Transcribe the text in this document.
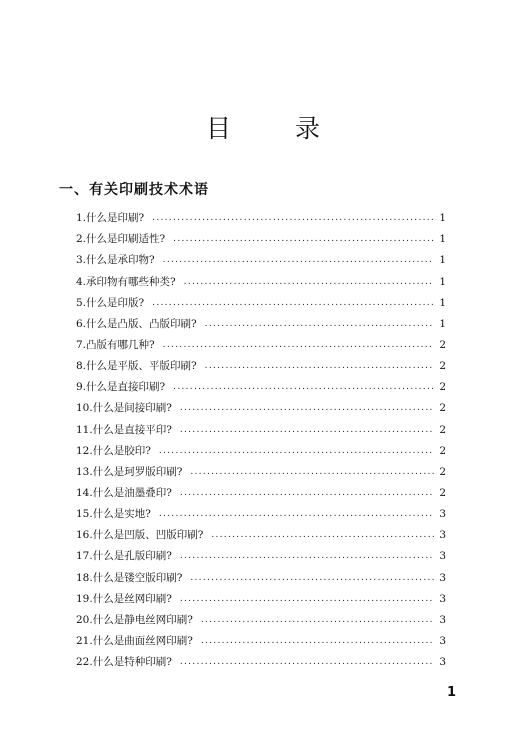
目 录
一、有关印刷技术术语
1.什么是印刷? .....	1
2.什么是印刷适性? .....	1
3.什么是承印物? .....	1
4.承印物有哪些种类? .....	1
5.什么是印版? .....	1
6.什么是凸版、凸版印刷? .....	1
7.凸版有哪几种? .....	2
8.什么是平版、平版印刷? .....	2
9.什么是直接印刷? .....	2
10.什么是间接印刷? .....	2
11.什么是直接平印? .....	2
12.什么是胶印? .....	2
13.什么是珂罗版印刷? .....	2
14.什么是油墨叠印? .....	2
15.什么是实地? .....	3
16.什么是凹版、凹版印刷? .....	3
17.什么是孔版印刷? .....	3
18.什么是镂空版印刷? .....	3
19.什么是丝网印刷? .....	3
20.什么是静电丝网印刷? .....	3
21.什么是曲面丝网印刷? .....	3
22.什么是特种印刷? .....	3
1
